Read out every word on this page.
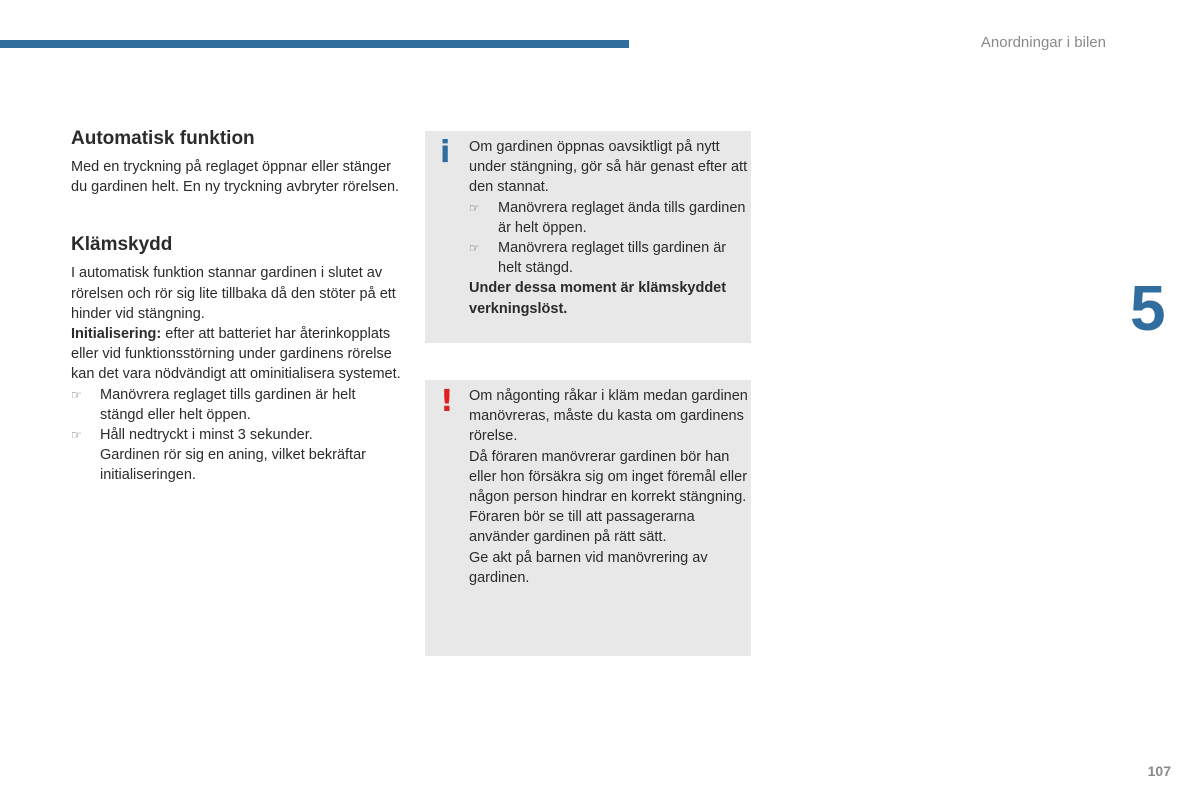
Anordningar i bilen
5
107
Automatisk funktion

Med en tryckning på reglaget öppnar eller stänger du gardinen helt. En ny tryckning avbryter rörelsen.

Klämskydd

I automatisk funktion stannar gardinen i slutet av rörelsen och rör sig lite tillbaka då den stöter på ett hinder vid stängning.

Initialisering: efter att batteriet har återinkopplats eller vid funktionsstörning under gardinens rörelse kan det vara nödvändigt att ominitialisera systemet.

☞ Manövrera reglaget tills gardinen är helt stängd eller helt öppen.
☞ Håll nedtryckt i minst 3 sekunder.
Gardinen rör sig en aning, vilket bekräftar initialiseringen.
i Om gardinen öppnas oavsiktligt på nytt under stängning, gör så här genast efter att den stannat.
☞ Manövrera reglaget ända tills gardinen är helt öppen.
☞ Manövrera reglaget tills gardinen är helt stängd.
Under dessa moment är klämskyddet verkningslöst.
! Om någonting råkar i kläm medan gardinen manövreras, måste du kasta om gardinens rörelse.
Då föraren manövrerar gardinen bör han eller hon försäkra sig om inget föremål eller någon person hindrar en korrekt stängning.
Föraren bör se till att passagerarna använder gardinen på rätt sätt.
Ge akt på barnen vid manövrering av gardinen.
